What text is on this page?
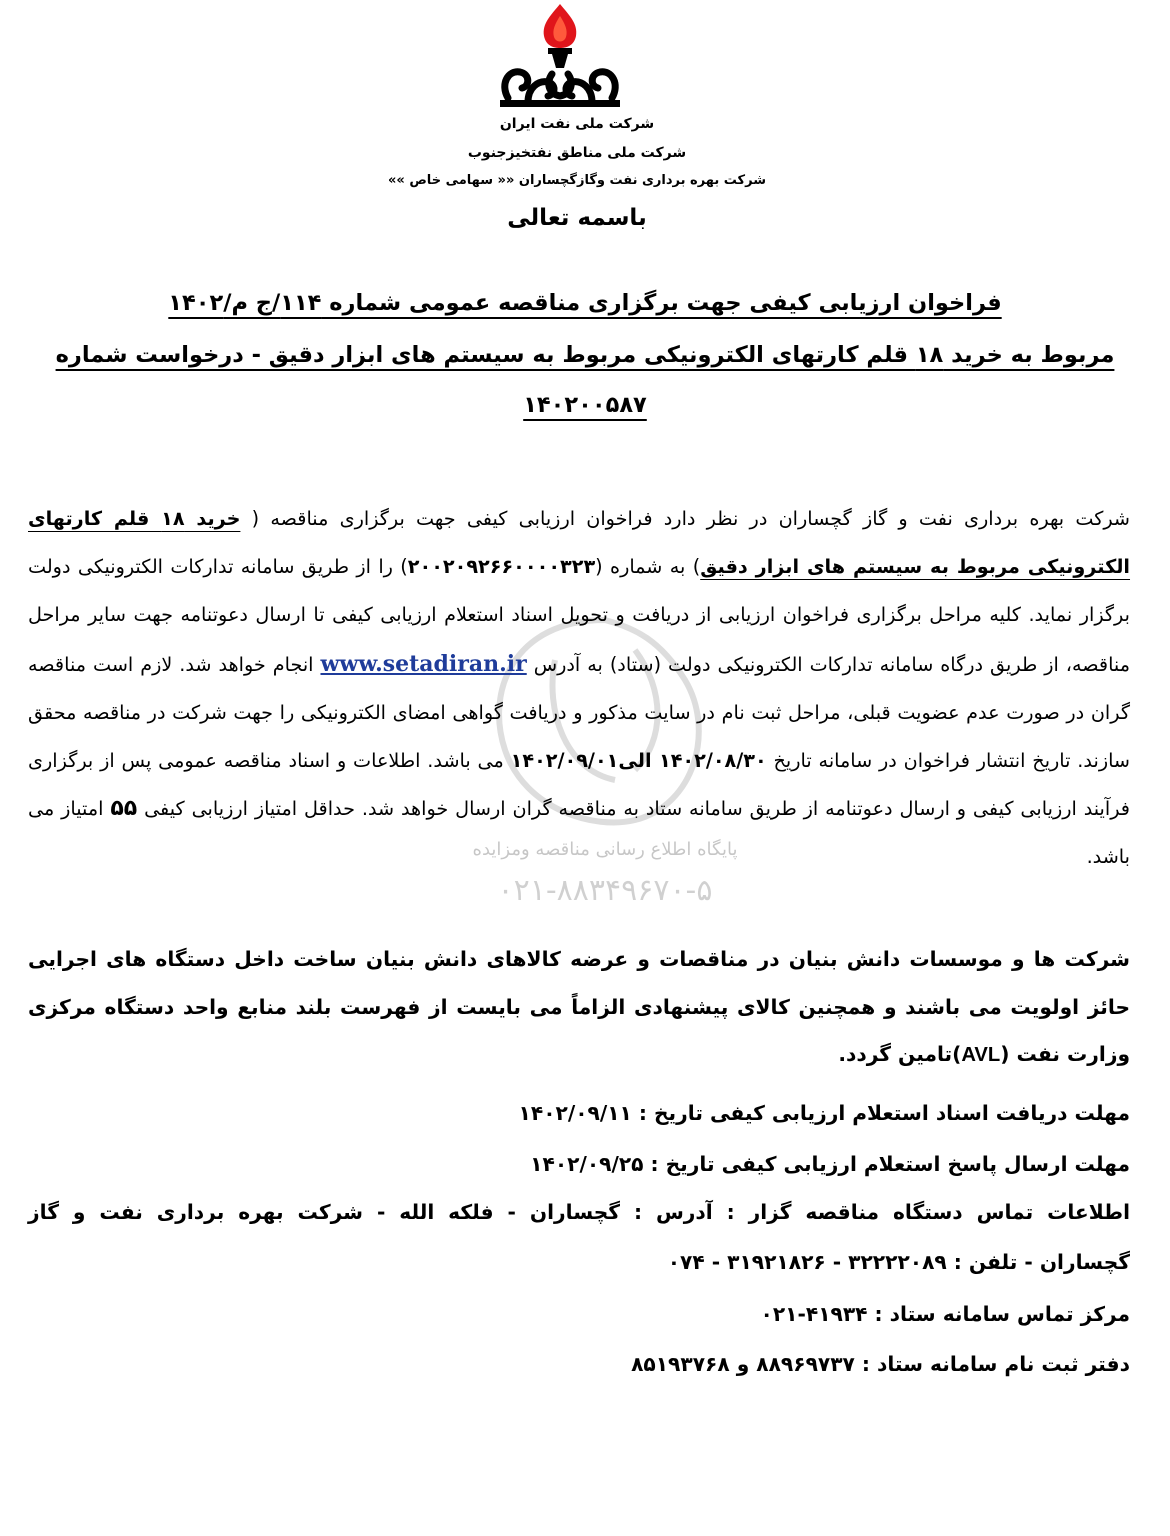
شرکت ملی نفت ایران
شرکت ملی مناطق نفتخیزجنوب
شرکت بهره برداری نفت وگازگچساران «« سهامی خاص »»
باسمه تعالی
فراخوان ارزیابی کیفی جهت برگزاری مناقصه عمومی شماره ۱۱۴/ج م/۱۴۰۲
مربوط به خرید ۱۸ قلم کارتهای الکترونیکی مربوط به سیستم های ابزار دقیق - درخواست شماره
۱۴۰۲۰۰۵۸۷
پایگاه اطلاع رسانی مناقصه ومزایده
۰۲۱-۸۸۳۴۹۶۷۰-۵
شرکت بهره برداری نفت و گاز گچساران در نظر دارد فراخوان ارزیابی کیفی جهت برگزاری مناقصه ( خرید ۱۸ قلم کارتهای الکترونیکی مربوط به سیستم های ابزار دقیق) به شماره (۲۰۰۲۰۹۲۶۶۰۰۰۰۳۲۳) را از طریق سامانه تدارکات الکترونیکی دولت برگزار نماید. کلیه مراحل برگزاری فراخوان ارزیابی از دریافت و تحویل اسناد استعلام ارزیابی کیفی تا ارسال دعوتنامه جهت سایر مراحل مناقصه، از طریق درگاه سامانه تدارکات الکترونیکی دولت (ستاد) به آدرس www.setadiran.ir انجام خواهد شد. لازم است مناقصه گران در صورت عدم عضویت قبلی، مراحل ثبت نام در سایت مذکور و دریافت گواهی امضای الکترونیکی را جهت شرکت در مناقصه محقق سازند. تاریخ انتشار فراخوان در سامانه تاریخ ۱۴۰۲/۰۸/۳۰ الی۱۴۰۲/۰۹/۰۱ می باشد. اطلاعات و اسناد مناقصه عمومی پس از برگزاری فرآیند ارزیابی کیفی و ارسال دعوتنامه از طریق سامانه ستاد به مناقصه گران ارسال خواهد شد. حداقل امتیاز ارزیابی کیفی ۵۵ امتیاز می باشد.
شرکت ها و موسسات دانش بنیان در مناقصات و عرضه کالاهای دانش بنیان ساخت داخل دستگاه های اجرایی حائز اولویت می باشند و همچنین کالای پیشنهادی الزاماً می بایست از فهرست بلند منابع واحد دستگاه مرکزی وزارت نفت (AVL)تامین گردد.
مهلت دریافت اسناد استعلام ارزیابی کیفی تاریخ : ۱۴۰۲/۰۹/۱۱
مهلت ارسال پاسخ استعلام ارزیابی کیفی تاریخ : ۱۴۰۲/۰۹/۲۵
اطلاعات تماس دستگاه مناقصه گزار : آدرس : گچساران - فلکه الله - شرکت بهره برداری نفت و گاز
گچساران - تلفن : ۳۲۲۲۲۰۸۹ - ۳۱۹۲۱۸۲۶ - ۰۷۴
مرکز تماس سامانه ستاد : ۴۱۹۳۴-۰۲۱
دفتر ثبت نام سامانه ستاد : ۸۸۹۶۹۷۳۷ و ۸۵۱۹۳۷۶۸
